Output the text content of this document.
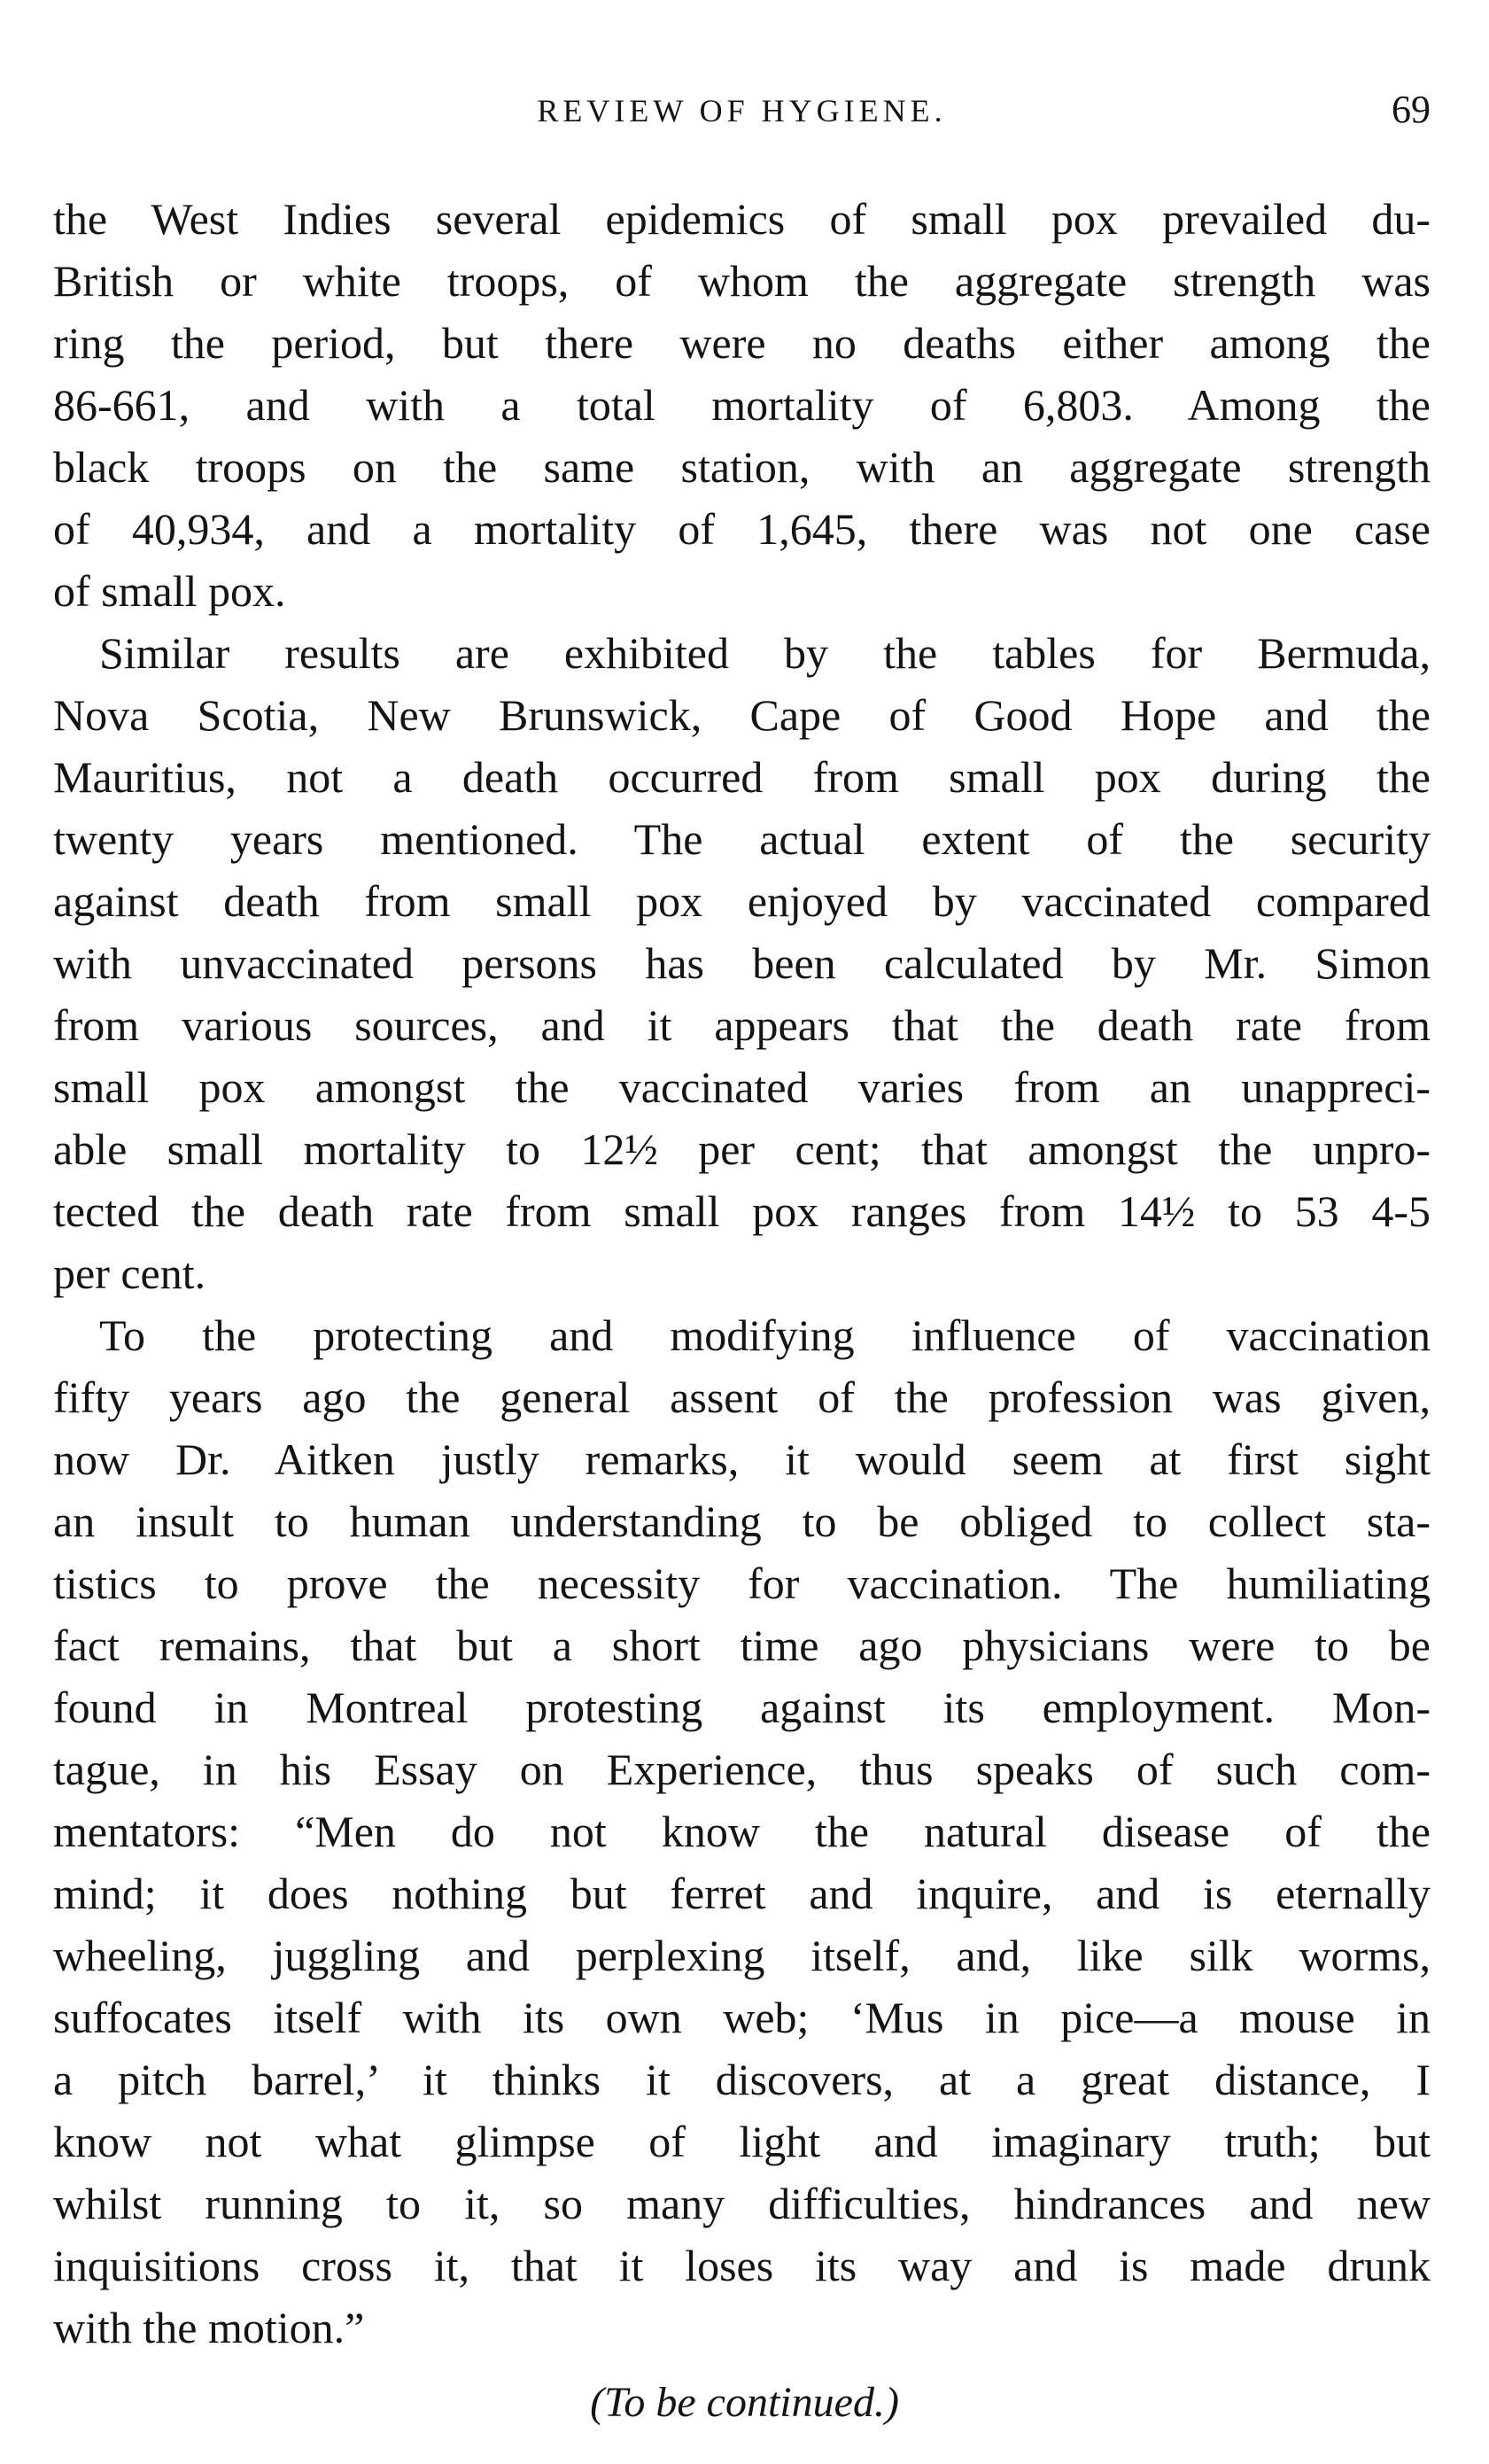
REVIEW OF HYGIENE.	69
the West Indies several epidemics of small pox prevailed du-
British or white troops, of whom the aggregate strength was
ring the period, but there were no deaths either among the
86-661, and with a total mortality of 6,803. Among the
black troops on the same station, with an aggregate strength
of 40,934, and a mortality of 1,645, there was not one case
of small pox.
Similar results are exhibited by the tables for Bermuda,
Nova Scotia, New Brunswick, Cape of Good Hope and the
Mauritius, not a death occurred from small pox during the
twenty years mentioned. The actual extent of the security
against death from small pox enjoyed by vaccinated compared
with unvaccinated persons has been calculated by Mr. Simon
from various sources, and it appears that the death rate from
small pox amongst the vaccinated varies from an unappreci-
able small mortality to 12½ per cent; that amongst the unpro-
tected the death rate from small pox ranges from 14½ to 53 4-5
per cent.
To the protecting and modifying influence of vaccination
fifty years ago the general assent of the profession was given,
now Dr. Aitken justly remarks, it would seem at first sight
an insult to human understanding to be obliged to collect sta-
tistics to prove the necessity for vaccination. The humiliating
fact remains, that but a short time ago physicians were to be
found in Montreal protesting against its employment. Mon-
tague, in his Essay on Experience, thus speaks of such com-
mentators: “Men do not know the natural disease of the
mind; it does nothing but ferret and inquire, and is eternally
wheeling, juggling and perplexing itself, and, like silk worms,
suffocates itself with its own web; ‘Mus in pice—a mouse in
a pitch barrel,’ it thinks it discovers, at a great distance, I
know not what glimpse of light and imaginary truth; but
whilst running to it, so many difficulties, hindrances and new
inquisitions cross it, that it loses its way and is made drunk
with the motion.”
(To be continued.)
